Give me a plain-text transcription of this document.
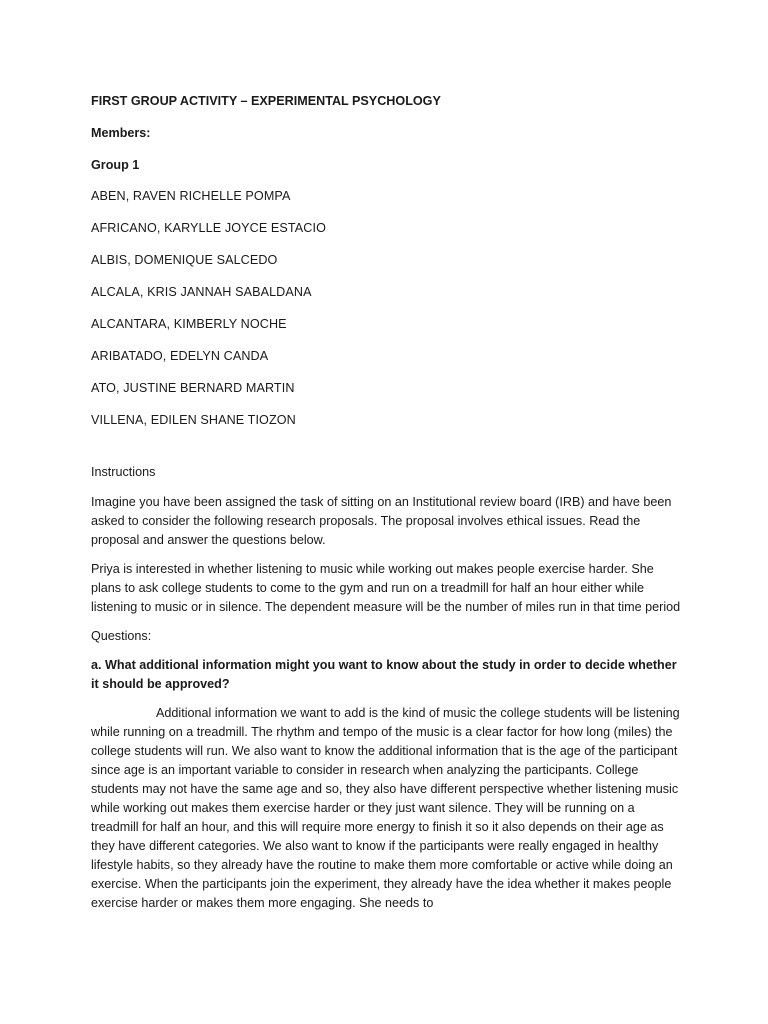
FIRST GROUP ACTIVITY – EXPERIMENTAL PSYCHOLOGY
Members:
Group 1
ABEN, RAVEN RICHELLE POMPA
AFRICANO, KARYLLE JOYCE ESTACIO
ALBIS, DOMENIQUE SALCEDO
ALCALA, KRIS JANNAH SABALDANA
ALCANTARA, KIMBERLY NOCHE
ARIBATADO, EDELYN CANDA
ATO, JUSTINE BERNARD MARTIN
VILLENA, EDILEN SHANE TIOZON
Instructions
Imagine you have been assigned the task of sitting on an Institutional review board (IRB) and have been asked to consider the following research proposals. The proposal involves ethical issues. Read the proposal and answer the questions below.
Priya is interested in whether listening to music while working out makes people exercise harder. She plans to ask college students to come to the gym and run on a treadmill for half an hour either while listening to music or in silence. The dependent measure will be the number of miles run in that time period
Questions:
a. What additional information might you want to know about the study in order to decide whether it should be approved?
Additional information we want to add is the kind of music the college students will be listening while running on a treadmill. The rhythm and tempo of the music is a clear factor for how long (miles) the college students will run. We also want to know the additional information that is the age of the participant since age is an important variable to consider in research when analyzing the participants. College students may not have the same age and so, they also have different perspective whether listening music while working out makes them exercise harder or they just want silence. They will be running on a treadmill for half an hour, and this will require more energy to finish it so it also depends on their age as they have different categories. We also want to know if the participants were really engaged in healthy lifestyle habits, so they already have the routine to make them more comfortable or active while doing an exercise. When the participants join the experiment, they already have the idea whether it makes people exercise harder or makes them more engaging. She needs to
